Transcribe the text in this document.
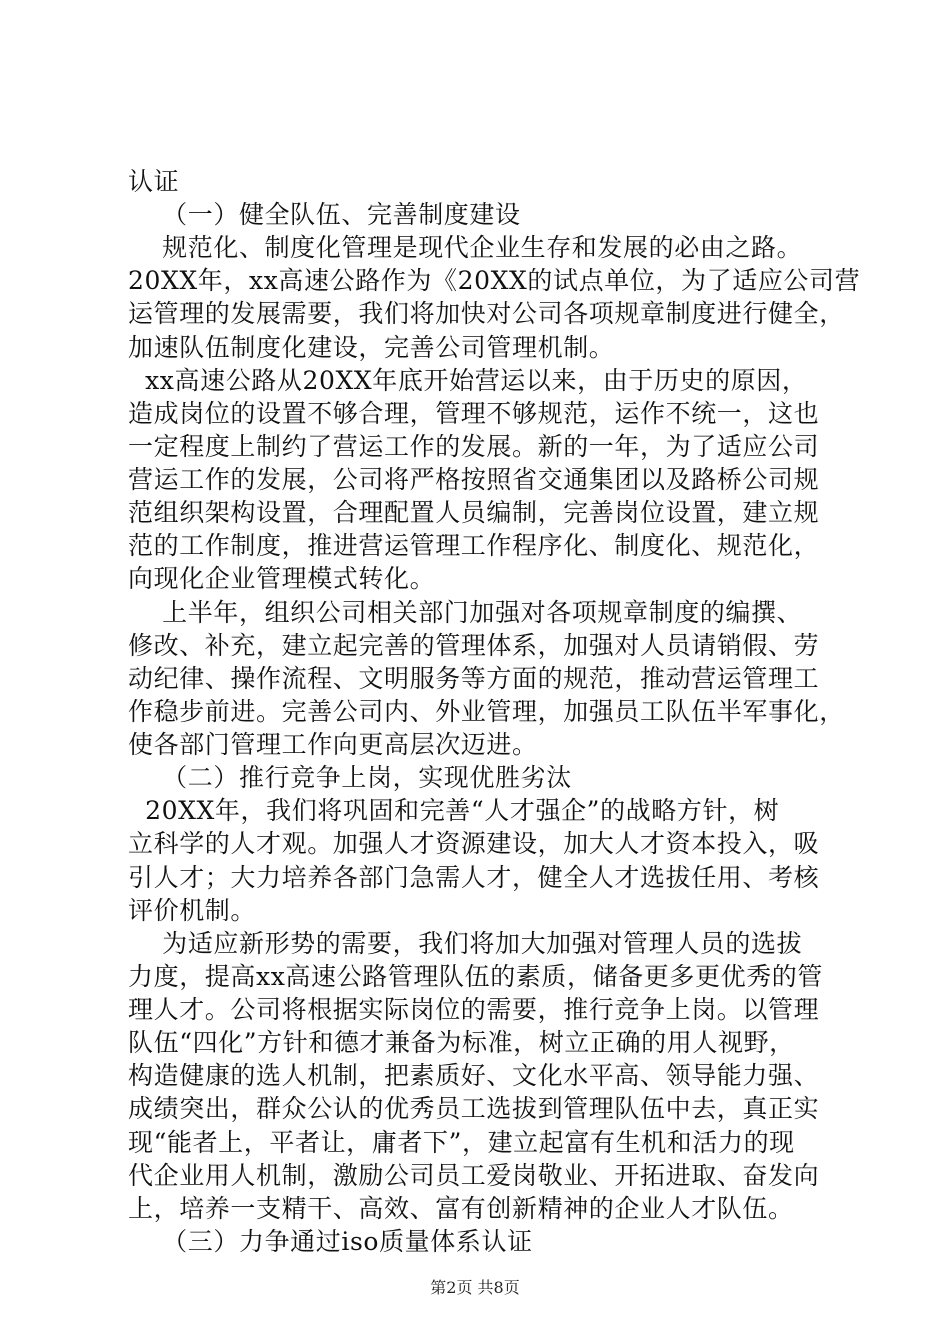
认证
（一）健全队伍、完善制度建设
规范化、制度化管理是现代企业生存和发展的必由之路。
20XX年，xx高速公路作为《20XX的试点单位，为了适应公司营
运管理的发展需要，我们将加快对公司各项规章制度进行健全，
加速队伍制度化建设，完善公司管理机制。
xx高速公路从20XX年底开始营运以来，由于历史的原因，
造成岗位的设置不够合理，管理不够规范，运作不统一，这也
一定程度上制约了营运工作的发展。新的一年，为了适应公司
营运工作的发展，公司将严格按照省交通集团以及路桥公司规
范组织架构设置，合理配置人员编制，完善岗位设置，建立规
范的工作制度，推进营运管理工作程序化、制度化、规范化，
向现化企业管理模式转化。
上半年，组织公司相关部门加强对各项规章制度的编撰、
修改、补充，建立起完善的管理体系，加强对人员请销假、劳
动纪律、操作流程、文明服务等方面的规范，推动营运管理工
作稳步前进。完善公司内、外业管理，加强员工队伍半军事化，
使各部门管理工作向更高层次迈进。
（二）推行竞争上岗，实现优胜劣汰
20XX年，我们将巩固和完善“人才强企”的战略方针，树
立科学的人才观。加强人才资源建设，加大人才资本投入，吸
引人才；大力培养各部门急需人才，健全人才选拔任用、考核
评价机制。
为适应新形势的需要，我们将加大加强对管理人员的选拔
力度，提高xx高速公路管理队伍的素质，储备更多更优秀的管
理人才。公司将根据实际岗位的需要，推行竞争上岗。以管理
队伍“四化”方针和德才兼备为标准，树立正确的用人视野，
构造健康的选人机制，把素质好、文化水平高、领导能力强、
成绩突出，群众公认的优秀员工选拔到管理队伍中去，真正实
现“能者上，平者让，庸者下”，建立起富有生机和活力的现
代企业用人机制，激励公司员工爱岗敬业、开拓进取、奋发向
上，培养一支精干、高效、富有创新精神的企业人才队伍。
（三）力争通过iso质量体系认证
第2页 共8页
